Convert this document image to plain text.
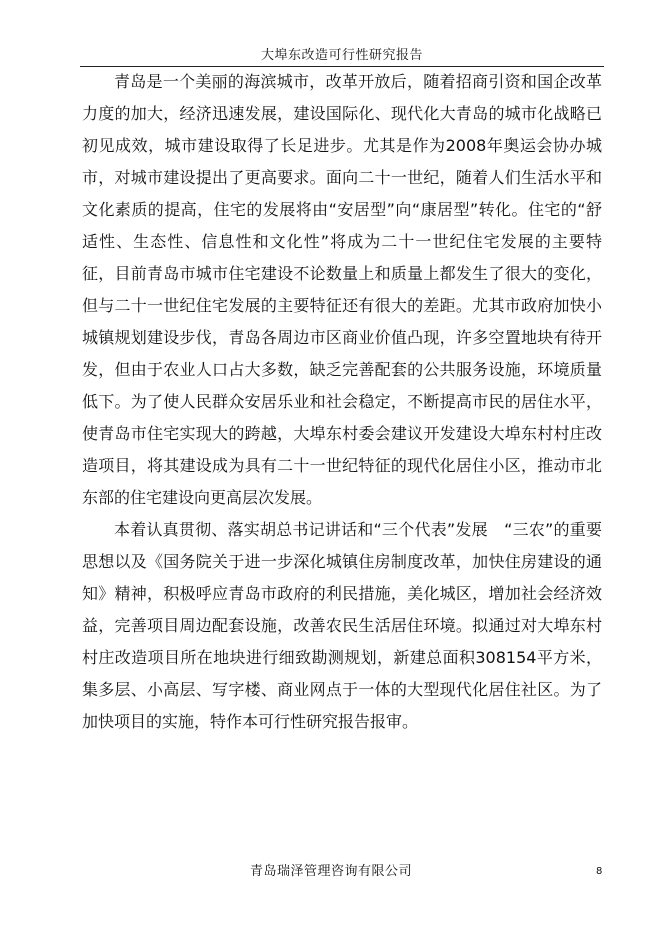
大埠东改造可行性研究报告

青岛是一个美丽的海滨城市，改革开放后，随着招商引资和国企改革力度的加大，经济迅速发展，建设国际化、现代化大青岛的城市化战略已初见成效，城市建设取得了长足进步。尤其是作为2008年奥运会协办城市，对城市建设提出了更高要求。面向二十一世纪，随着人们生活水平和文化素质的提高，住宅的发展将由“安居型”向“康居型”转化。住宅的“舒适性、生态性、信息性和文化性”将成为二十一世纪住宅发展的主要特征，目前青岛市城市住宅建设不论数量上和质量上都发生了很大的变化，但与二十一世纪住宅发展的主要特征还有很大的差距。尤其市政府加快小城镇规划建设步伐，青岛各周边市区商业价值凸现，许多空置地块有待开发，但由于农业人口占大多数，缺乏完善配套的公共服务设施，环境质量低下。为了使人民群众安居乐业和社会稳定，不断提高市民的居住水平，使青岛市住宅实现大的跨越，大埠东村委会建议开发建设大埠东村村庄改造项目，将其建设成为具有二十一世纪特征的现代化居住小区，推动市北东部的住宅建设向更高层次发展。

本着认真贯彻、落实胡总书记讲话和“三个代表”发展　“三农”的重要思想以及《国务院关于进一步深化城镇住房制度改革，加快住房建设的通知》精神，积极呼应青岛市政府的利民措施，美化城区，增加社会经济效益，完善项目周边配套设施，改善农民生活居住环境。拟通过对大埠东村村庄改造项目所在地块进行细致勘测规划，新建总面积308154平方米，集多层、小高层、写字楼、商业网点于一体的大型现代化居住社区。为了加快项目的实施，特作本可行性研究报告报审。

青岛瑞泽管理咨询有限公司	8
